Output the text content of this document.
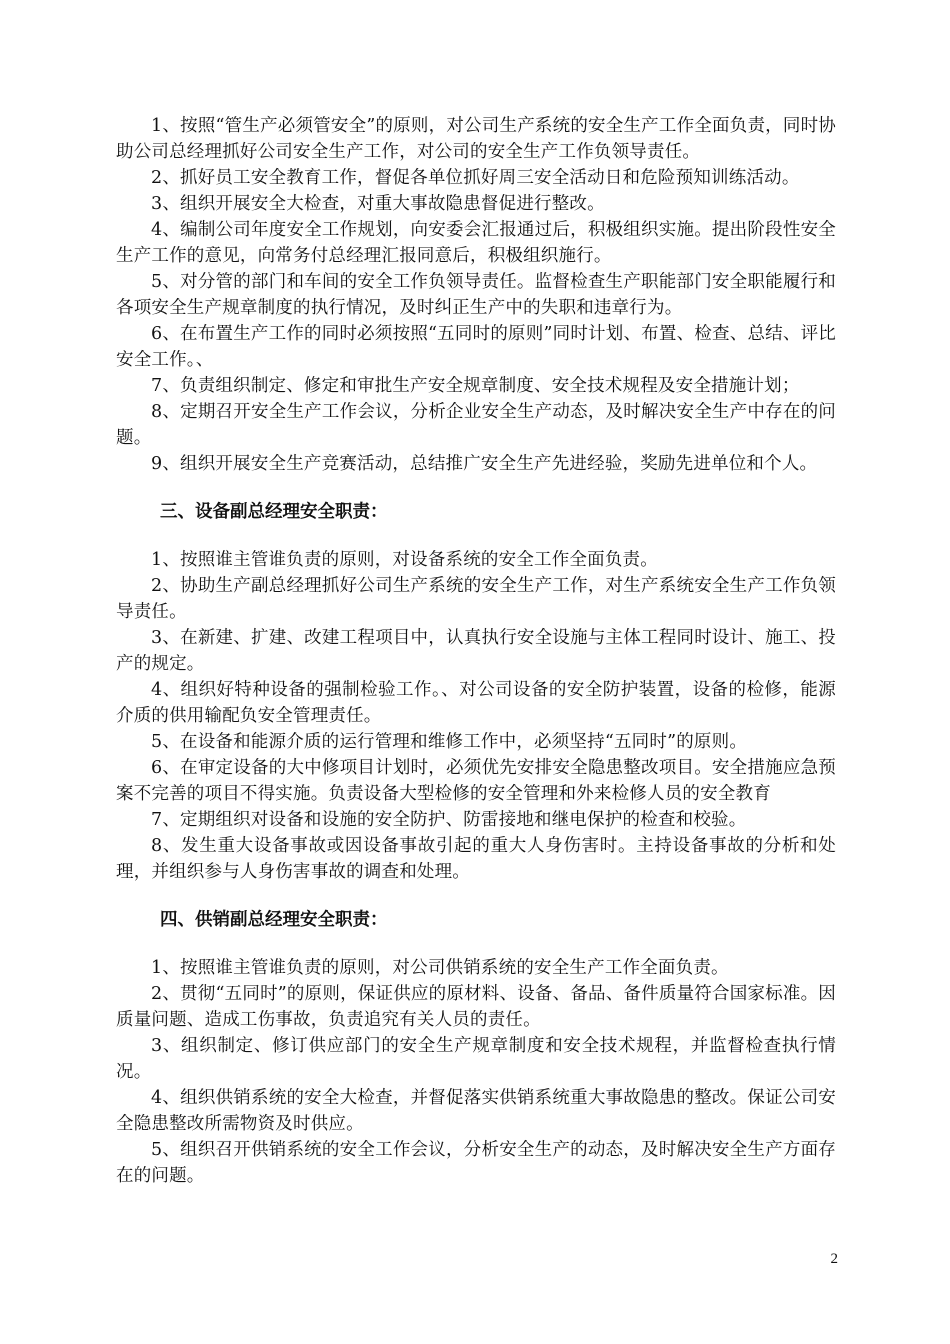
1、按照“管生产必须管安全”的原则，对公司生产系统的安全生产工作全面负责，同时协助公司总经理抓好公司安全生产工作，对公司的安全生产工作负领导责任。

2、抓好员工安全教育工作，督促各单位抓好周三安全活动日和危险预知训练活动。

3、组织开展安全大检查，对重大事故隐患督促进行整改。

4、编制公司年度安全工作规划，向安委会汇报通过后，积极组织实施。提出阶段性安全生产工作的意见，向常务付总经理汇报同意后，积极组织施行。

5、对分管的部门和车间的安全工作负领导责任。监督检查生产职能部门安全职能履行和各项安全生产规章制度的执行情况，及时纠正生产中的失职和违章行为。

6、在布置生产工作的同时必须按照“五同时的原则”同时计划、布置、检查、总结、评比安全工作。、

7、负责组织制定、修定和审批生产安全规章制度、安全技术规程及安全措施计划；

8、定期召开安全生产工作会议，分析企业安全生产动态，及时解决安全生产中存在的问题。

9、组织开展安全生产竞赛活动，总结推广安全生产先进经验，奖励先进单位和个人。

三、设备副总经理安全职责：

1、按照谁主管谁负责的原则，对设备系统的安全工作全面负责。

2、协助生产副总经理抓好公司生产系统的安全生产工作，对生产系统安全生产工作负领导责任。

3、在新建、扩建、改建工程项目中，认真执行安全设施与主体工程同时设计、施工、投产的规定。

4、组织好特种设备的强制检验工作。、对公司设备的安全防护装置，设备的检修，能源介质的供用输配负安全管理责任。

5、在设备和能源介质的运行管理和维修工作中，必须坚持“五同时”的原则。

6、在审定设备的大中修项目计划时，必须优先安排安全隐患整改项目。安全措施应急预案不完善的项目不得实施。负责设备大型检修的安全管理和外来检修人员的安全教育

7、定期组织对设备和设施的安全防护、防雷接地和继电保护的检查和校验。

8、发生重大设备事故或因设备事故引起的重大人身伤害时。主持设备事故的分析和处理，并组织参与人身伤害事故的调查和处理。

四、供销副总经理安全职责：

1、按照谁主管谁负责的原则，对公司供销系统的安全生产工作全面负责。

2、贯彻“五同时”的原则，保证供应的原材料、设备、备品、备件质量符合国家标准。因质量问题、造成工伤事故，负责追究有关人员的责任。

3、组织制定、修订供应部门的安全生产规章制度和安全技术规程，并监督检查执行情况。

4、组织供销系统的安全大检查，并督促落实供销系统重大事故隐患的整改。保证公司安全隐患整改所需物资及时供应。

5、组织召开供销系统的安全工作会议，分析安全生产的动态，及时解决安全生产方面存在的问题。

2
